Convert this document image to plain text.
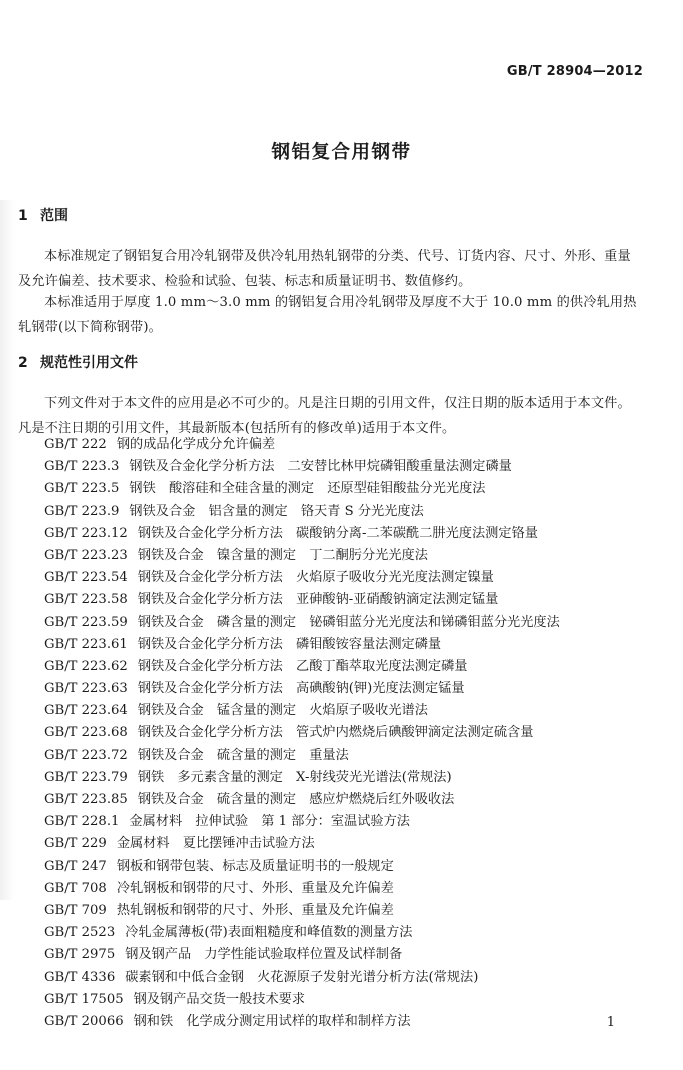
GB/T 28904—2012
钢铝复合用钢带
1 范围
本标准规定了钢铝复合用冷轧钢带及供冷轧用热轧钢带的分类、代号、订货内容、尺寸、外形、重量及允许偏差、技术要求、检验和试验、包装、标志和质量证明书、数值修约。
本标准适用于厚度 1.0 mm～3.0 mm 的钢铝复合用冷轧钢带及厚度不大于 10.0 mm 的供冷轧用热轧钢带(以下简称钢带)。
2 规范性引用文件
下列文件对于本文件的应用是必不可少的。凡是注日期的引用文件，仅注日期的版本适用于本文件。凡是不注日期的引用文件，其最新版本(包括所有的修改单)适用于本文件。
GB/T 222 钢的成品化学成分允许偏差
GB/T 223.3 钢铁及合金化学分析方法　二安替比林甲烷磷钼酸重量法测定磷量
GB/T 223.5 钢铁　酸溶硅和全硅含量的测定　还原型硅钼酸盐分光光度法
GB/T 223.9 钢铁及合金　铝含量的测定　铬天青 S 分光光度法
GB/T 223.12 钢铁及合金化学分析方法　碳酸钠分离-二苯碳酰二肼光度法测定铬量
GB/T 223.23 钢铁及合金　镍含量的测定　丁二酮肟分光光度法
GB/T 223.54 钢铁及合金化学分析方法　火焰原子吸收分光光度法测定镍量
GB/T 223.58 钢铁及合金化学分析方法　亚砷酸钠-亚硝酸钠滴定法测定锰量
GB/T 223.59 钢铁及合金　磷含量的测定　铋磷钼蓝分光光度法和锑磷钼蓝分光光度法
GB/T 223.61 钢铁及合金化学分析方法　磷钼酸铵容量法测定磷量
GB/T 223.62 钢铁及合金化学分析方法　乙酸丁酯萃取光度法测定磷量
GB/T 223.63 钢铁及合金化学分析方法　高碘酸钠(钾)光度法测定锰量
GB/T 223.64 钢铁及合金　锰含量的测定　火焰原子吸收光谱法
GB/T 223.68 钢铁及合金化学分析方法　管式炉内燃烧后碘酸钾滴定法测定硫含量
GB/T 223.72 钢铁及合金　硫含量的测定　重量法
GB/T 223.79 钢铁　多元素含量的测定　X-射线荧光光谱法(常规法)
GB/T 223.85 钢铁及合金　硫含量的测定　感应炉燃烧后红外吸收法
GB/T 228.1 金属材料　拉伸试验　第 1 部分：室温试验方法
GB/T 229 金属材料　夏比摆锤冲击试验方法
GB/T 247 钢板和钢带包装、标志及质量证明书的一般规定
GB/T 708 冷轧钢板和钢带的尺寸、外形、重量及允许偏差
GB/T 709 热轧钢板和钢带的尺寸、外形、重量及允许偏差
GB/T 2523 冷轧金属薄板(带)表面粗糙度和峰值数的测量方法
GB/T 2975 钢及钢产品　力学性能试验取样位置及试样制备
GB/T 4336 碳素钢和中低合金钢　火花源原子发射光谱分析方法(常规法)
GB/T 17505 钢及钢产品交货一般技术要求
GB/T 20066 钢和铁　化学成分测定用试样的取样和制样方法	1
